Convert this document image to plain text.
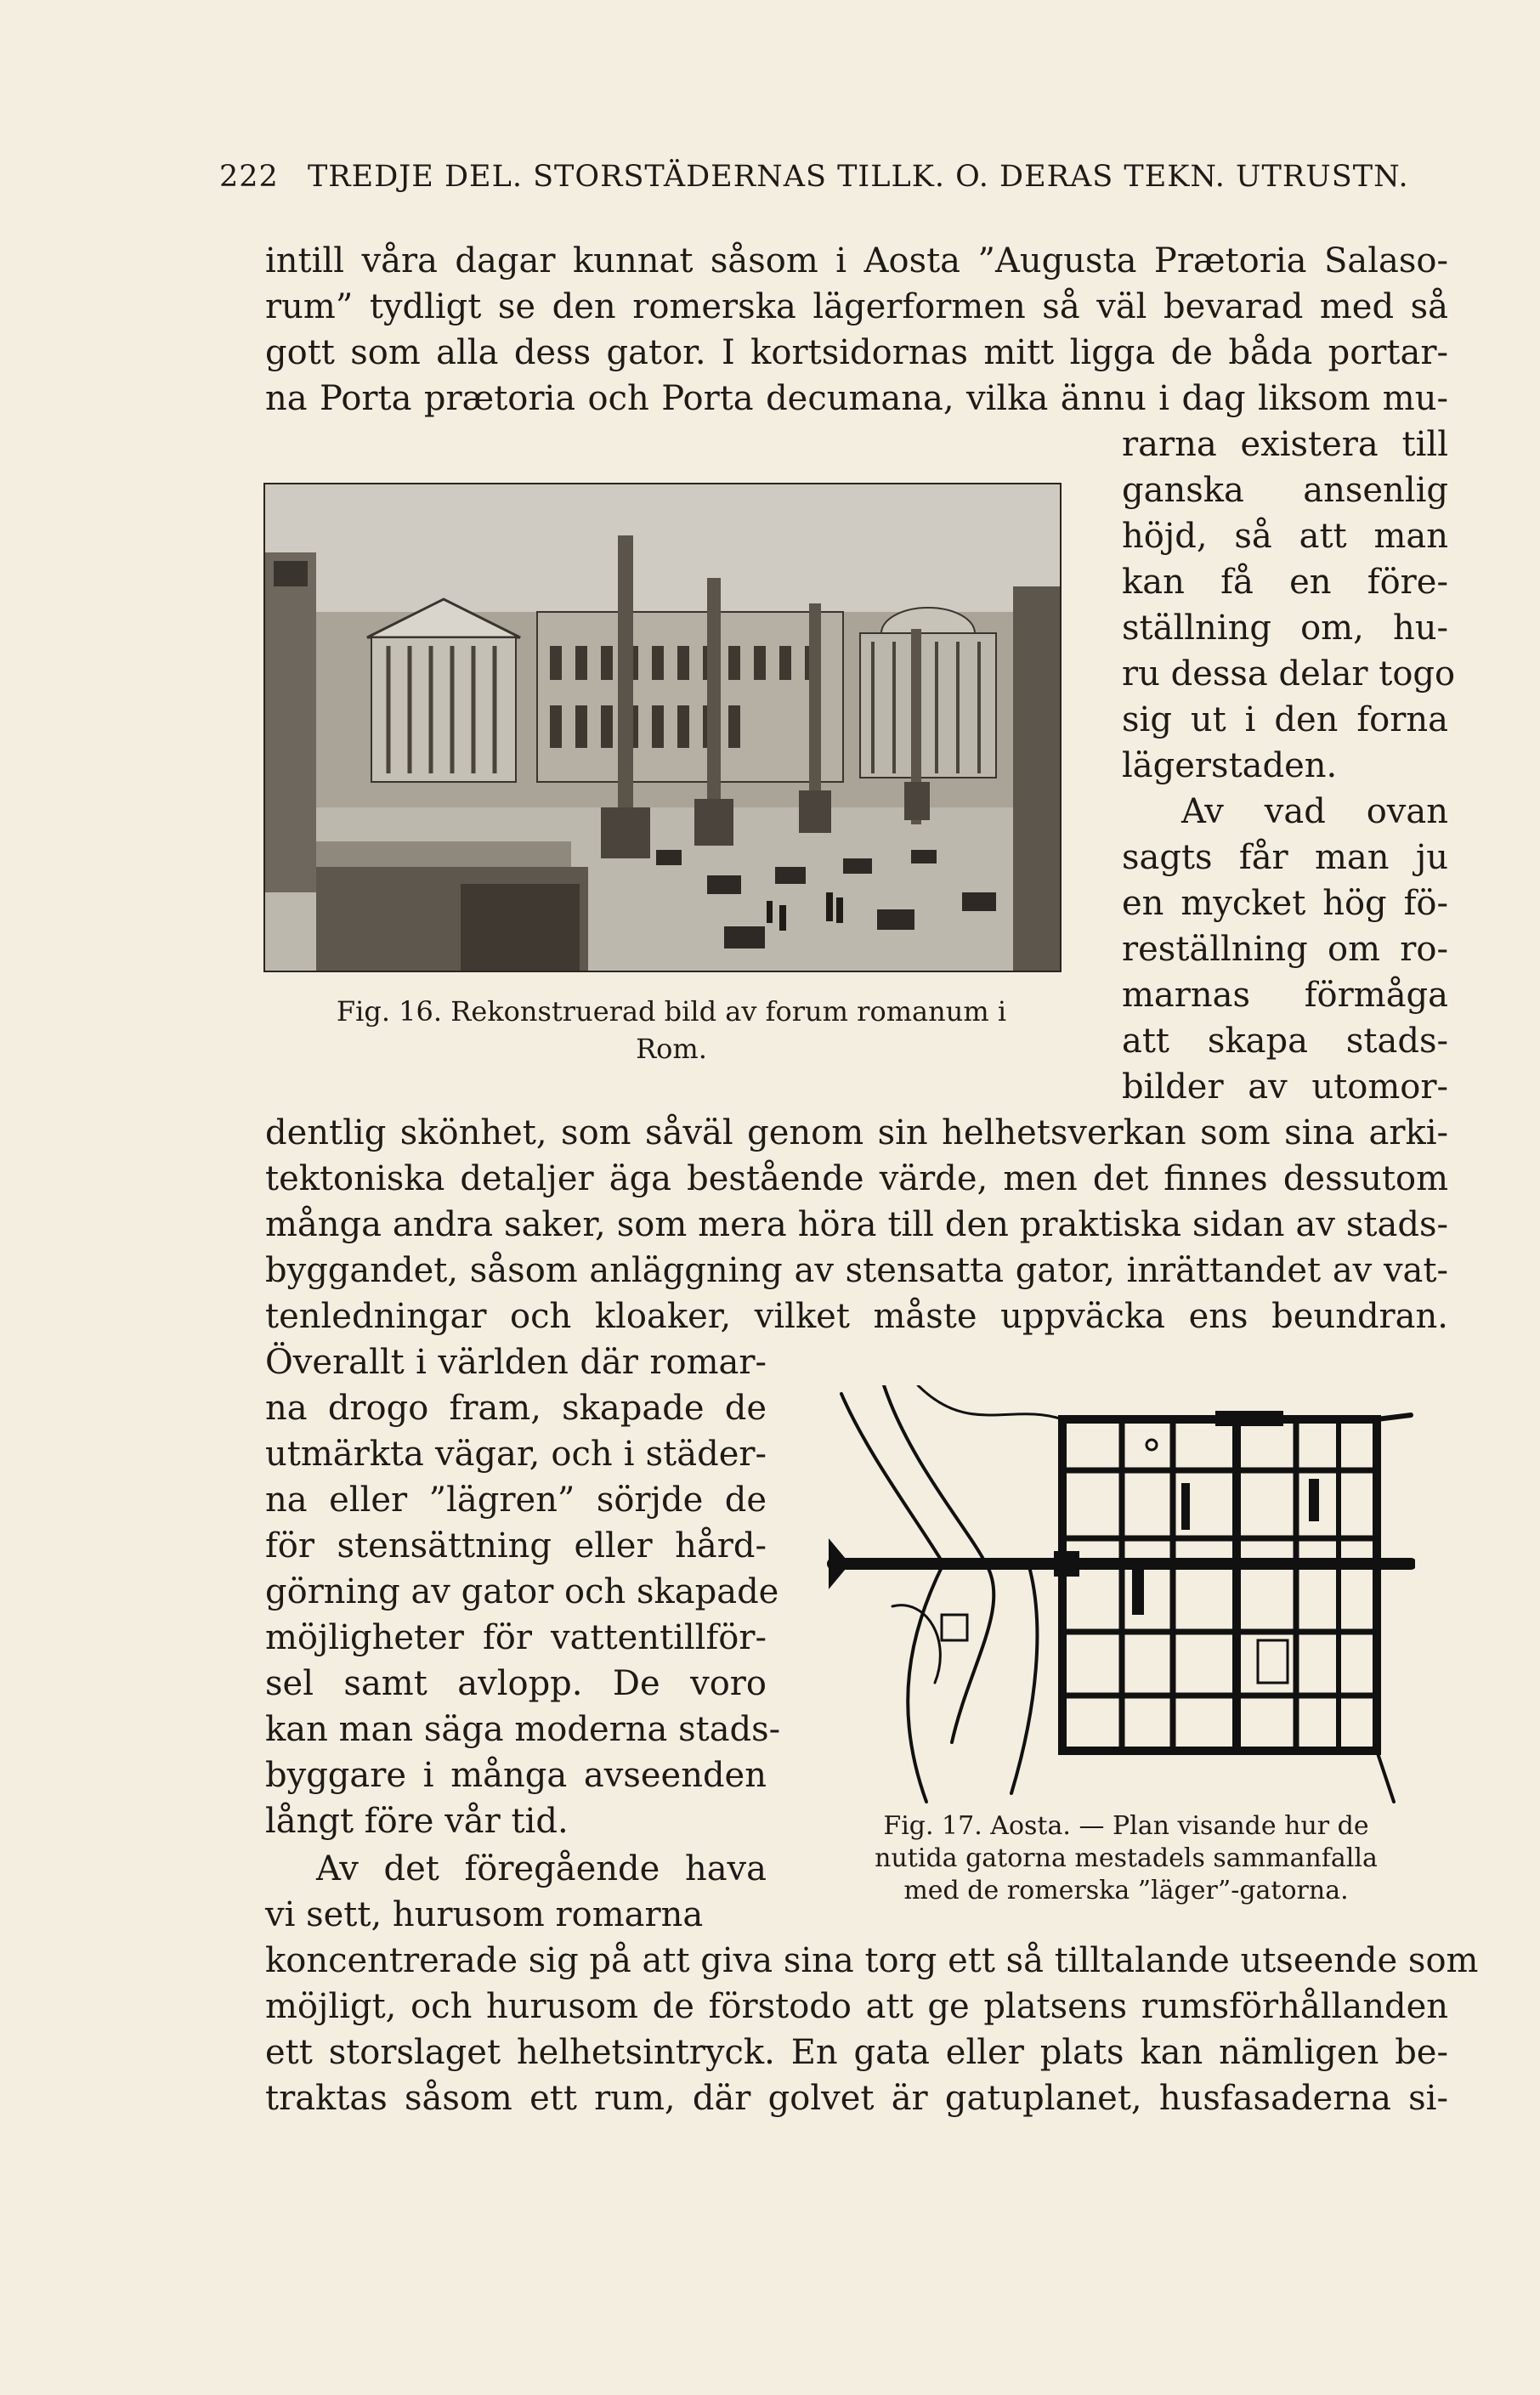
222 TREDJE DEL. STORSTÄDERNAS TILLK. O. DERAS TEKN. UTRUSTN.
intill våra dagar kunnat såsom i Aosta ”Augusta Prætoria Salaso-
rum” tydligt se den romerska lägerformen så väl bevarad med så
gott som alla dess gator. I kortsidornas mitt ligga de båda portar-
na Porta prætoria och Porta decumana, vilka ännu i dag liksom mu-
rarna existera till
ganska ansenlig
höjd, så att man
kan få en före-
ställning om, hu-
ru dessa delar togo
sig ut i den forna
lägerstaden.
Av vad ovan
sagts får man ju
en mycket hög fö-
reställning om ro-
marnas förmåga
att skapa stads-
bilder av utomor-
Fig. 16. Rekonstruerad bild av forum romanum i
Rom.
dentlig skönhet, som såväl genom sin helhetsverkan som sina arki-
tektoniska detaljer äga bestående värde, men det finnes dessutom
många andra saker, som mera höra till den praktiska sidan av stads-
byggandet, såsom anläggning av stensatta gator, inrättandet av vat-
tenledningar och kloaker, vilket måste uppväcka ens beundran.
Överallt i världen där romar-
na drogo fram, skapade de
utmärkta vägar, och i städer-
na eller ”lägren” sörjde de
för stensättning eller hård-
görning av gator och skapade
möjligheter för vattentillför-
sel samt avlopp. De voro
kan man säga moderna stads-
byggare i många avseenden
långt före vår tid.
Av det föregående hava
vi sett, hurusom romarna
Fig. 17. Aosta. — Plan visande hur de
nutida gatorna mestadels sammanfalla
med de romerska ”läger”-gatorna.
koncentrerade sig på att giva sina torg ett så tilltalande utseende som
möjligt, och hurusom de förstodo att ge platsens rumsförhållanden
ett storslaget helhetsintryck. En gata eller plats kan nämligen be-
traktas såsom ett rum, där golvet är gatuplanet, husfasaderna si-
